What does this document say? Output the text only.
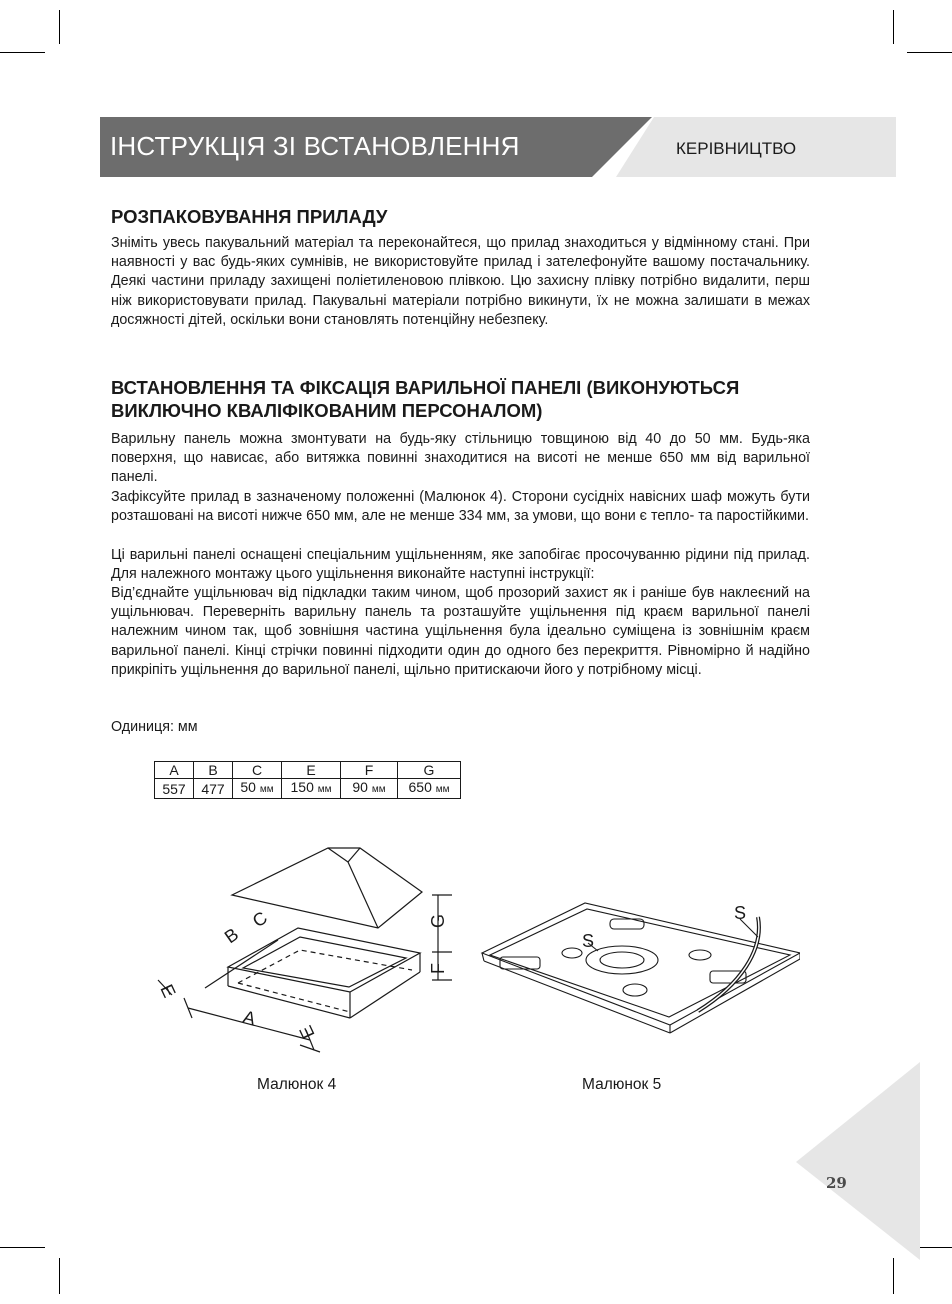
ІНСТРУКЦІЯ ЗІ ВСТАНОВЛЕННЯ	КЕРІВНИЦТВО
РОЗПАКОВУВАННЯ ПРИЛАДУ

Зніміть увесь пакувальний матеріал та переконайтеся, що прилад знаходиться у відмінному стані. При наявності у вас будь-яких сумнівів, не використовуйте прилад і зателефонуйте вашому постачальнику. Деякі частини приладу захищені поліетиленовою плівкою. Цю захисну плівку потрібно видалити, перш ніж використовувати прилад. Пакувальні матеріали потрібно викинути, їх не можна залишати в межах досяжності дітей, оскільки вони становлять потенційну небезпеку.

ВСТАНОВЛЕННЯ ТА ФІКСАЦІЯ ВАРИЛЬНОЇ ПАНЕЛІ (ВИКОНУЮТЬСЯ
ВИКЛЮЧНО КВАЛІФІКОВАНИМ ПЕРСОНАЛОМ)

Варильну панель можна змонтувати на будь-яку стільницю товщиною від 40 до 50 мм. Будь-яка поверхня, що нависає, або витяжка повинні знаходитися на висоті не менше 650 мм від варильної панелі.

Зафіксуйте прилад в зазначеному положенні (Малюнок 4). Сторони сусідніх навісних шаф можуть бути розташовані на висоті нижче 650 мм, але не менше 334 мм, за умови, що вони є тепло- та паростійкими.

Ці варильні панелі оснащені спеціальним ущільненням, яке запобігає просочуванню рідини під прилад. Для належного монтажу цього ущільнення виконайте наступні інструкції:

Від’єднайте ущільнювач від підкладки таким чином, щоб прозорий захист як і раніше був наклеєний на ущільнювач. Переверніть варильну панель та розташуйте ущільнення під краєм варильної панелі належним чином так, щоб зовнішня частина ущільнення була ідеально суміщена із зовнішнім краєм варильної панелі. Кінці стрічки повинні підходити один до одного без перекриття. Рівномірно й надійно прикріпіть ущільнення до варильної панелі, щільно притискаючи його у потрібному місці.

Одиниця: мм
A	B	C	E	F	G
557	477	50 мм	150 мм	90 мм	650 мм
G
F
A
B
C
E
E
S
S
Малюнок 4	Малюнок 5
29
